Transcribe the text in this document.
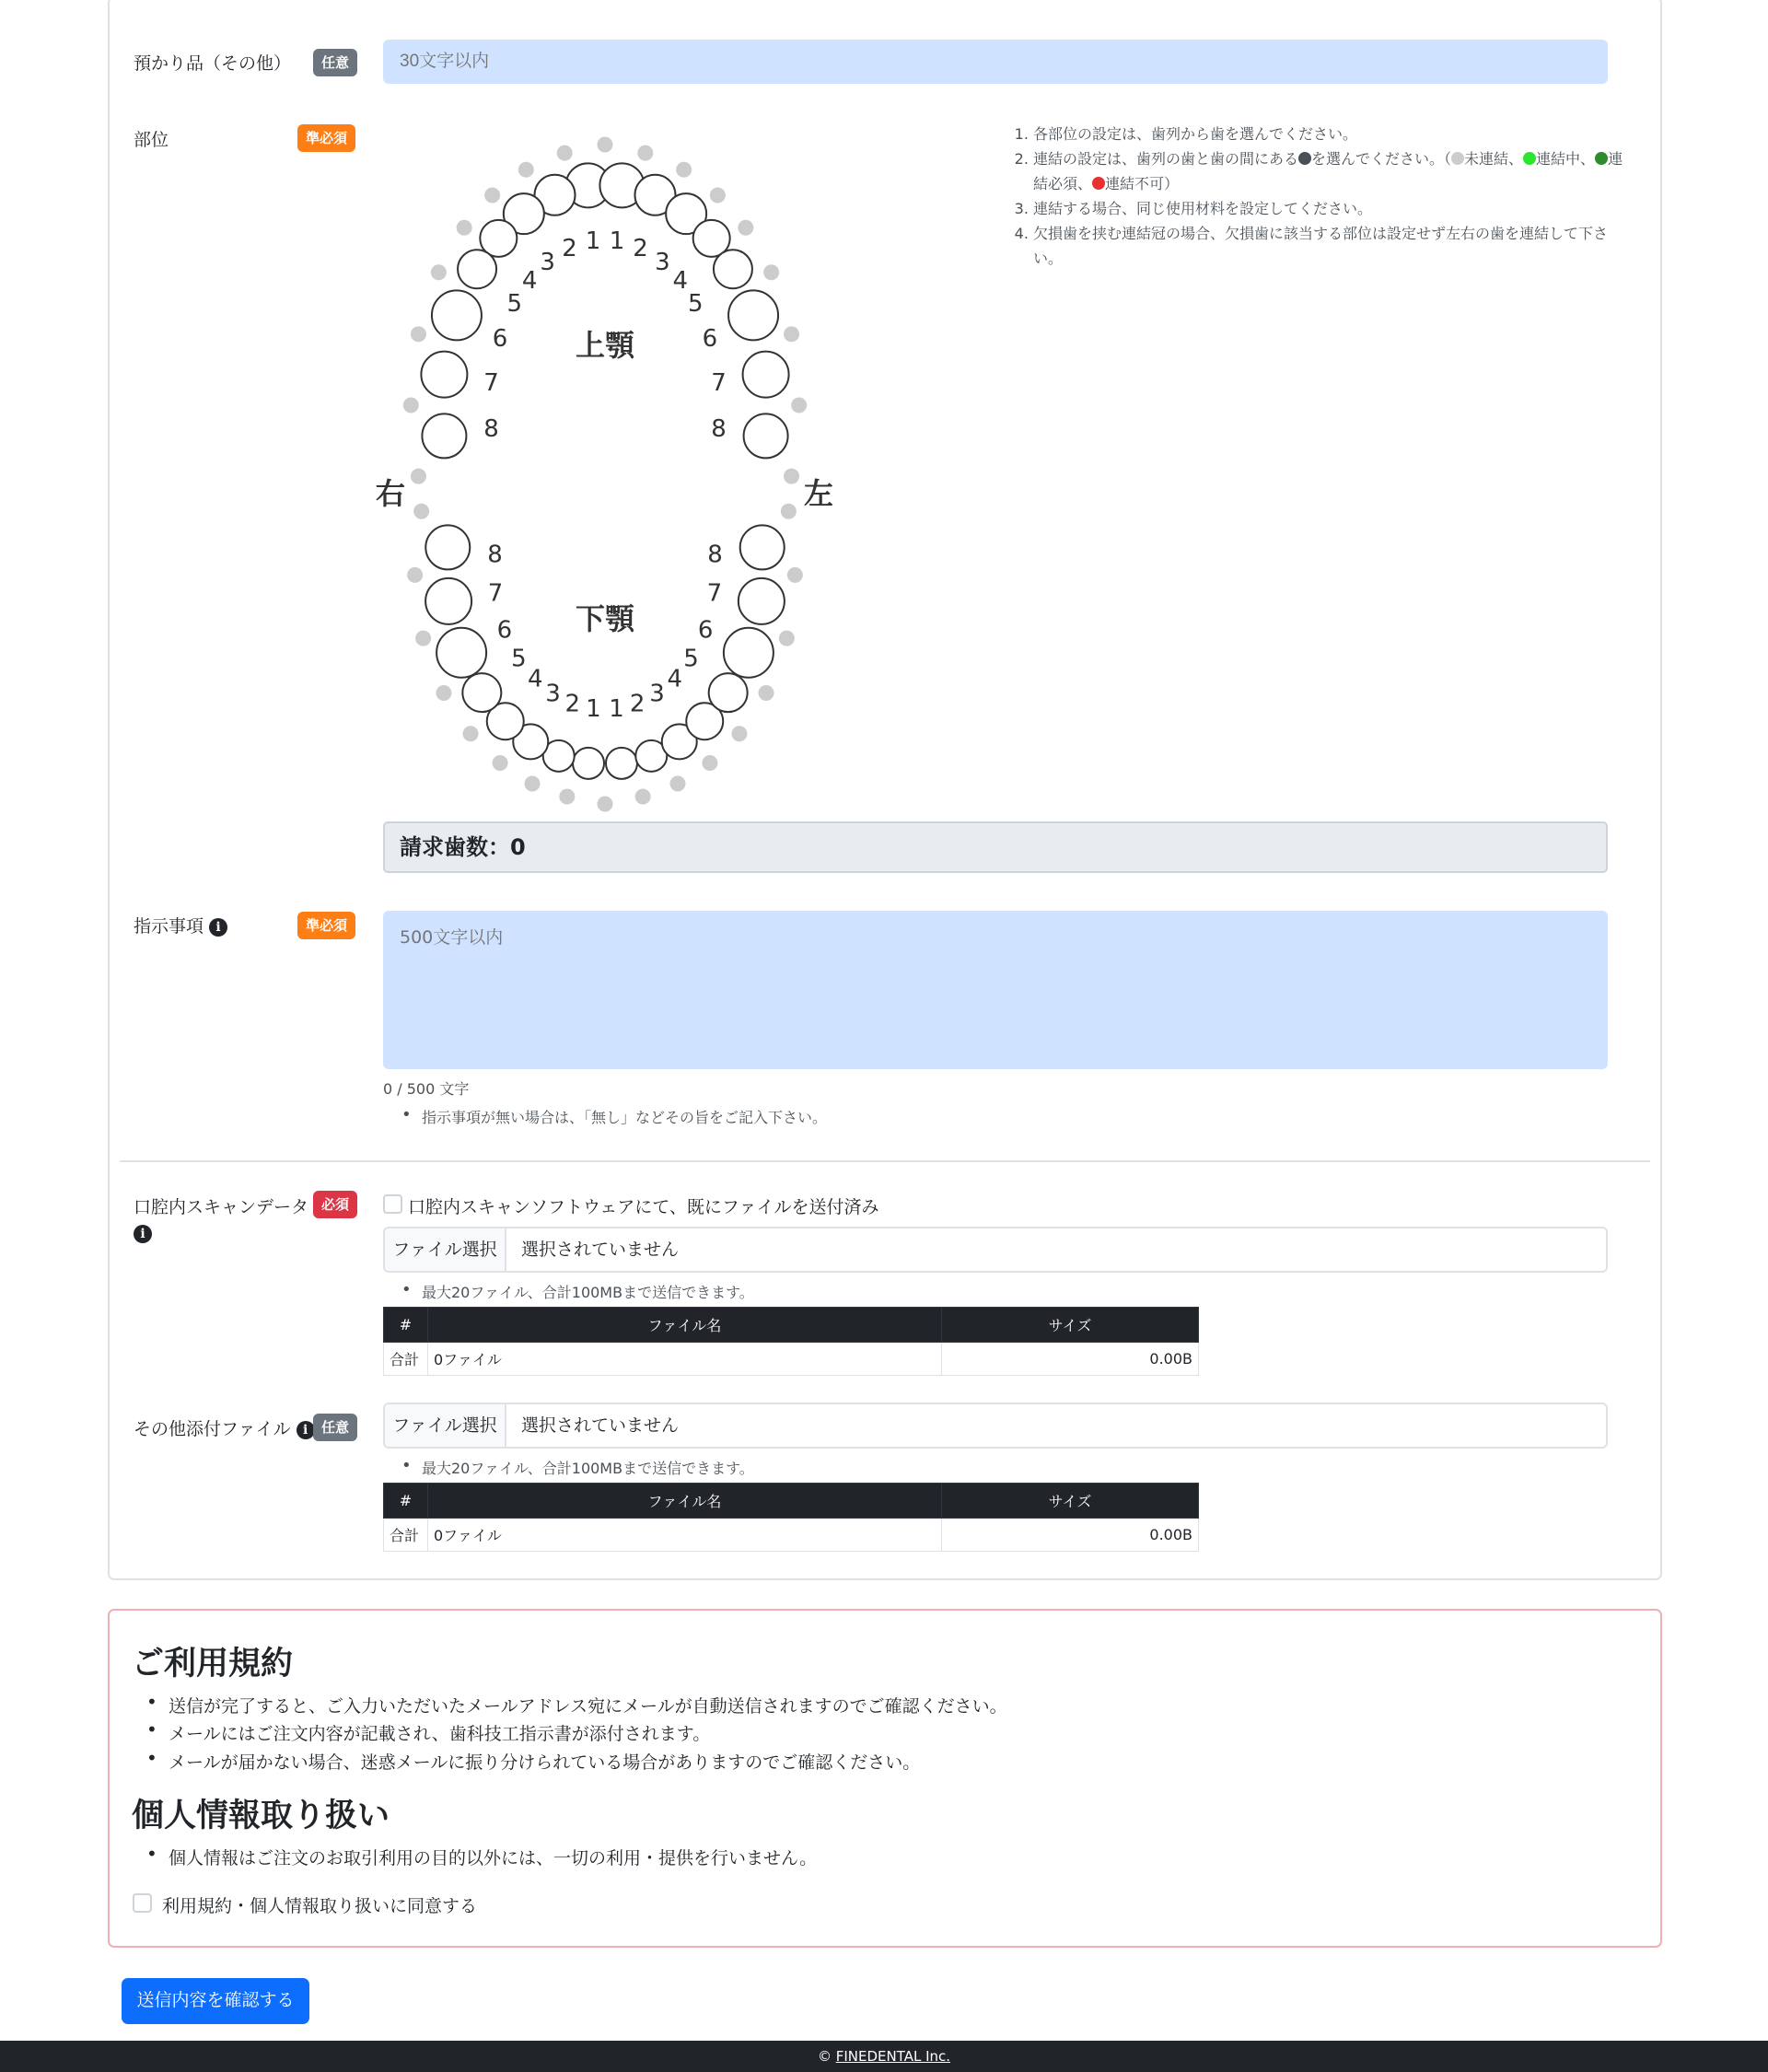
預かり品（その他）	任意
30文字以内
部位	準必須
1
2
3
4
5
6
7
8
1 2
3
4
5
6
7
8
1
2
3
4
5
6
7
8
1 2 3
4
5
6
7
8
上顎
下顎
右	左
1. 各部位の設定は、歯列から歯を選んでください。
2. 連結の設定は、歯列の歯と歯の間にある を選んでください。（ 未連結、 連結中、 連結必須、 連結不可）
3. 連結する場合、同じ使用材料を設定してください。
4. 欠損歯を挟む連結冠の場合、欠損歯に該当する部位は設定せず左右の歯を連結して下さい。
請求歯数：0
指示事項 i	準必須
500文字以内
0 / 500 文字
• 指示事項が無い場合は、「無し」などその旨をご記入下さい。
口腔内スキャンデータ
i
必須	口腔内スキャンソフトウェアにて、既にファイルを送付済み
ファイル選択	選択されていません
• 最大20ファイル、合計100MBまで送信できます。
#	ファイル名	サイズ
合計	0ファイル	0.00B
その他添付ファイル i 任意	ファイル選択	選択されていません
• 最大20ファイル、合計100MBまで送信できます。
#	ファイル名	サイズ
合計	0ファイル	0.00B
ご利用規約
• 送信が完了すると、ご入力いただいたメールアドレス宛にメールが自動送信されますのでご確認ください。
• メールにはご注文内容が記載され、歯科技工指示書が添付されます。
• メールが届かない場合、迷惑メールに振り分けられている場合がありますのでご確認ください。
個人情報取り扱い
• 個人情報はご注文のお取引利用の目的以外には、一切の利用・提供を行いません。
利用規約・個人情報取り扱いに同意する
送信内容を確認する
© FINEDENTAL Inc.
